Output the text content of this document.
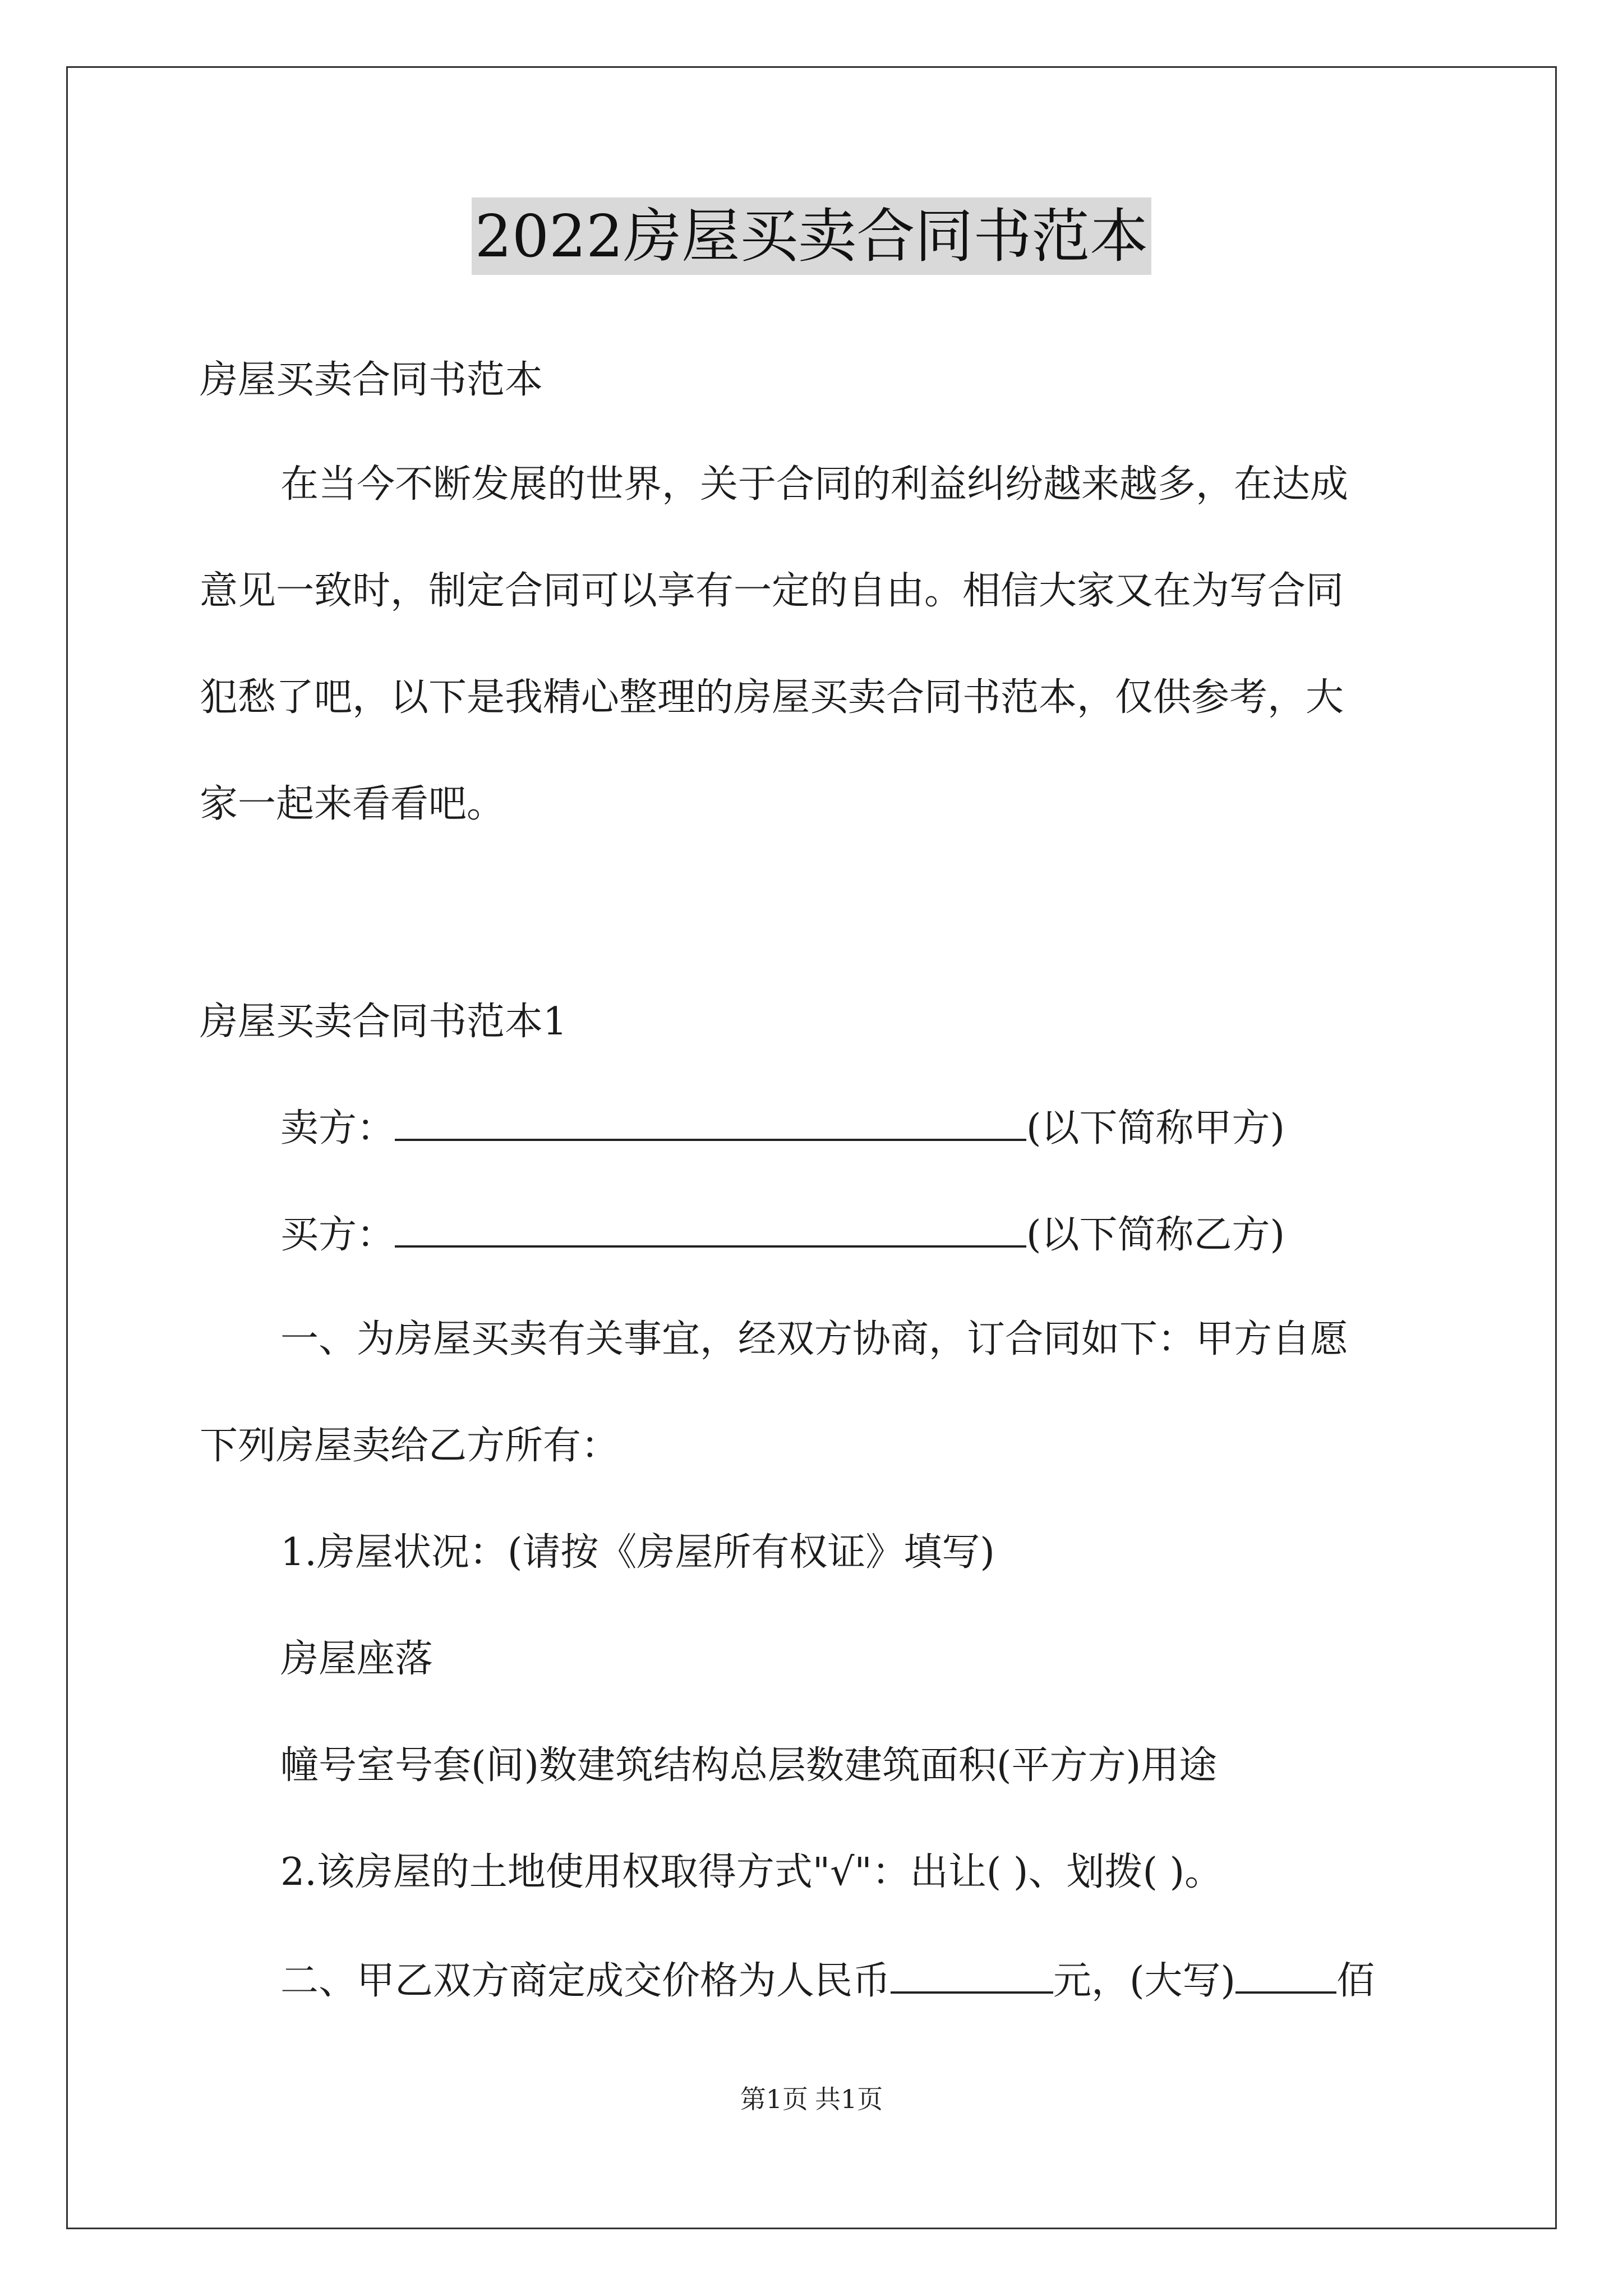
2022房屋买卖合同书范本
房屋买卖合同书范本
在当今不断发展的世界，关于合同的利益纠纷越来越多，在达成
意见一致时，制定合同可以享有一定的自由。相信大家又在为写合同
犯愁了吧，以下是我精心整理的房屋买卖合同书范本，仅供参考，大
家一起来看看吧。
房屋买卖合同书范本1
卖方：	(以下简称甲方)
买方：	(以下简称乙方)
一、为房屋买卖有关事宜，经双方协商，订合同如下：甲方自愿
下列房屋卖给乙方所有：
1.房屋状况：(请按《房屋所有权证》填写)
房屋座落
幢号室号套(间)数建筑结构总层数建筑面积(平方方)用途
2.该房屋的土地使用权取得方式"√"：出让( )、划拨( )。
二、甲乙双方商定成交价格为人民币	元，(大写)	佰
第1页 共1页
